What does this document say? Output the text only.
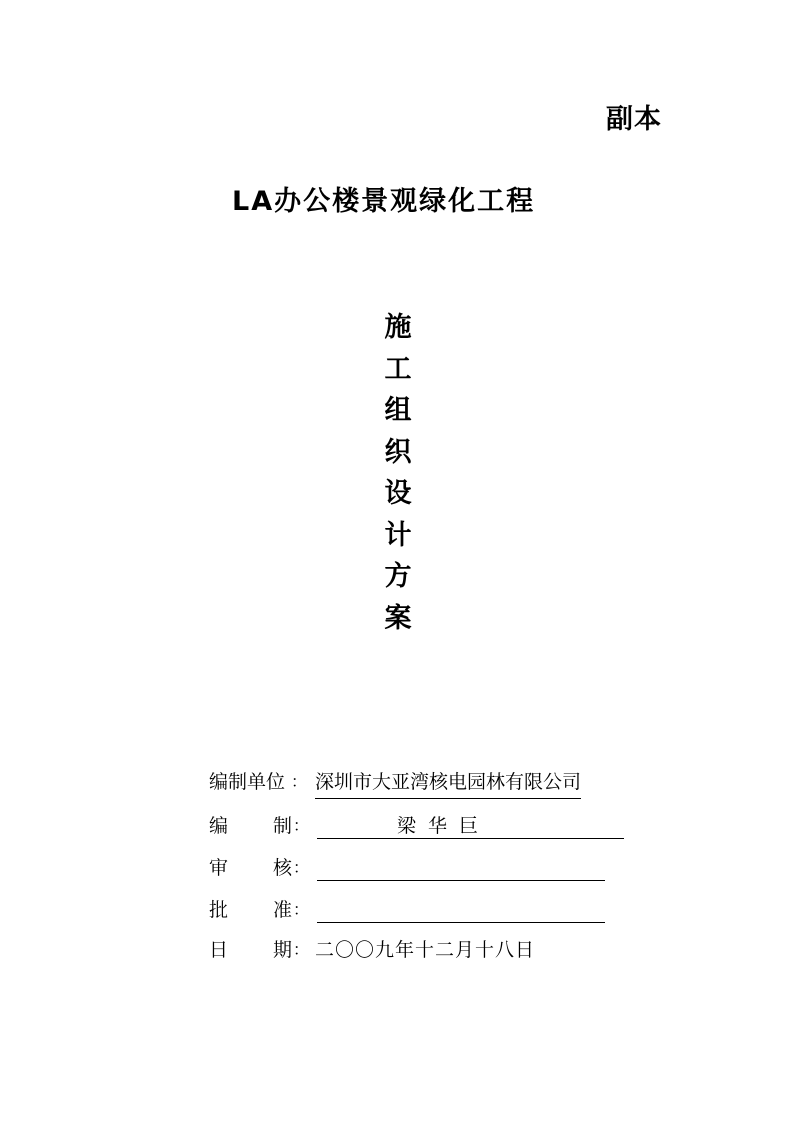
副本
LA办公楼景观绿化工程
施
工
组
织
设
计
方
案
编制单位 ： 深圳市大亚湾核电园林有限公司
编 制 ：	梁华巨
审 核 ：
批 准 ：
日 期 ： 二〇〇九年十二月十八日
